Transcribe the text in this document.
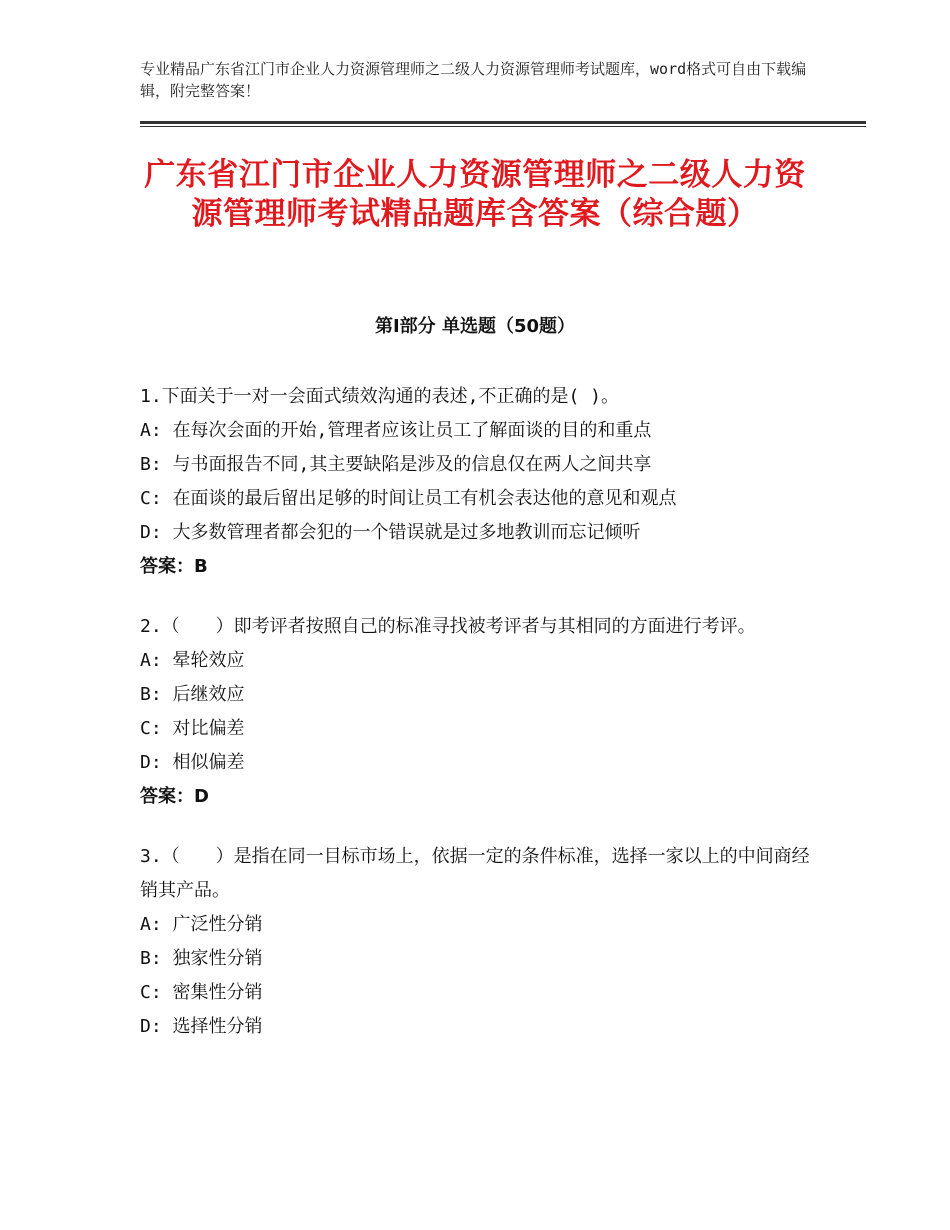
专业精品广东省江门市企业人力资源管理师之二级人力资源管理师考试题库，word格式可自由下载编辑，附完整答案！
广东省江门市企业人力资源管理师之二级人力资源管理师考试精品题库含答案（综合题）
第Ⅰ部分 单选题（50题）

1.下面关于一对一会面式绩效沟通的表述,不正确的是( )。

A: 在每次会面的开始,管理者应该让员工了解面谈的目的和重点

B: 与书面报告不同,其主要缺陷是涉及的信息仅在两人之间共享

C: 在面谈的最后留出足够的时间让员工有机会表达他的意见和观点

D: 大多数管理者都会犯的一个错误就是过多地教训而忘记倾听

答案：B

2.（　　）即考评者按照自己的标准寻找被考评者与其相同的方面进行考评。

A: 晕轮效应

B: 后继效应

C: 对比偏差

D: 相似偏差

答案：D

3.（　　）是指在同一目标市场上，依据一定的条件标准，选择一家以上的中间商经销其产品。

A: 广泛性分销

B: 独家性分销

C: 密集性分销

D: 选择性分销
